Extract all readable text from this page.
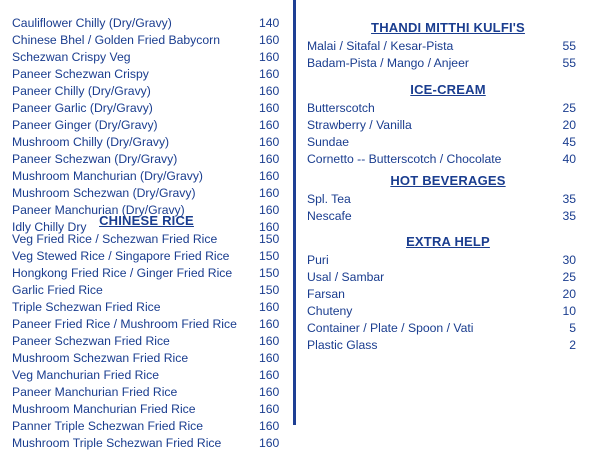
Cauliflower Chilly (Dry/Gravy)	140
Chinese Bhel / Golden Fried Babycorn	160
Schezwan Crispy Veg	160
Paneer Schezwan Crispy	160
Paneer Chilly (Dry/Gravy)	160
Paneer Garlic (Dry/Gravy)	160
Paneer Ginger (Dry/Gravy)	160
Mushroom Chilly (Dry/Gravy)	160
Paneer Schezwan (Dry/Gravy)	160
Mushroom Manchurian (Dry/Gravy)	160
Mushroom Schezwan (Dry/Gravy)	160
Paneer Manchurian (Dry/Gravy)	160
Idly Chilly Dry	160
CHINESE RICE
Veg Fried Rice / Schezwan Fried Rice	150
Veg Stewed Rice / Singapore Fried Rice 150
Hongkong Fried Rice / Ginger Fried Rice 150
Garlic Fried Rice	150
Triple Schezwan Fried Rice	160
Paneer Fried Rice / Mushroom Fried Rice 160
Paneer Schezwan Fried Rice	160
Mushroom Schezwan Fried Rice	160
Veg Manchurian Fried Rice	160
Paneer Manchurian Fried Rice	160
Mushroom Manchurian Fried Rice	160
Panner Triple Schezwan Fried Rice	160
Mushroom Triple Schezwan Fried Rice	160
THANDI MITTHI KULFI'S
Malai / Sitafal / Kesar-Pista	55
Badam-Pista / Mango / Anjeer	55
ICE-CREAM
Butterscotch	25
Strawberry / Vanilla	20
Sundae	45
Cornetto -- Butterscotch / Chocolate	40
HOT BEVERAGES
Spl. Tea	35
Nescafe	35
EXTRA HELP
Puri	30
Usal / Sambar	25
Farsan	20
Chuteny	10
Container / Plate / Spoon / Vati	5
Plastic Glass	2
